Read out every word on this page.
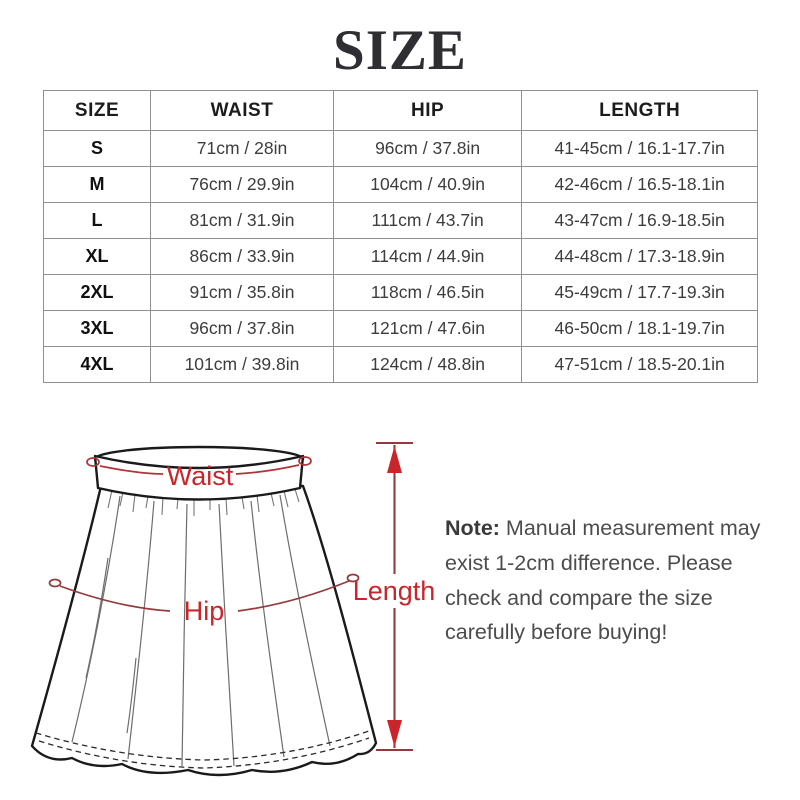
SIZE
SIZE	WAIST	HIP	LENGTH
S	71cm / 28in	96cm / 37.8in	41-45cm / 16.1-17.7in
M	76cm / 29.9in	104cm / 40.9in	42-46cm / 16.5-18.1in
L	81cm / 31.9in	111cm / 43.7in	43-47cm / 16.9-18.5in
XL	86cm / 33.9in	114cm / 44.9in	44-48cm / 17.3-18.9in
2XL	91cm / 35.8in	118cm / 46.5in	45-49cm / 17.7-19.3in
3XL	96cm / 37.8in	121cm / 47.6in	46-50cm / 18.1-19.7in
4XL	101cm / 39.8in	124cm / 48.8in	47-51cm / 18.5-20.1in
Waist
Hip
Length
Note: Manual measurement may exist 1-2cm difference. Please check and compare the size carefully before buying!
